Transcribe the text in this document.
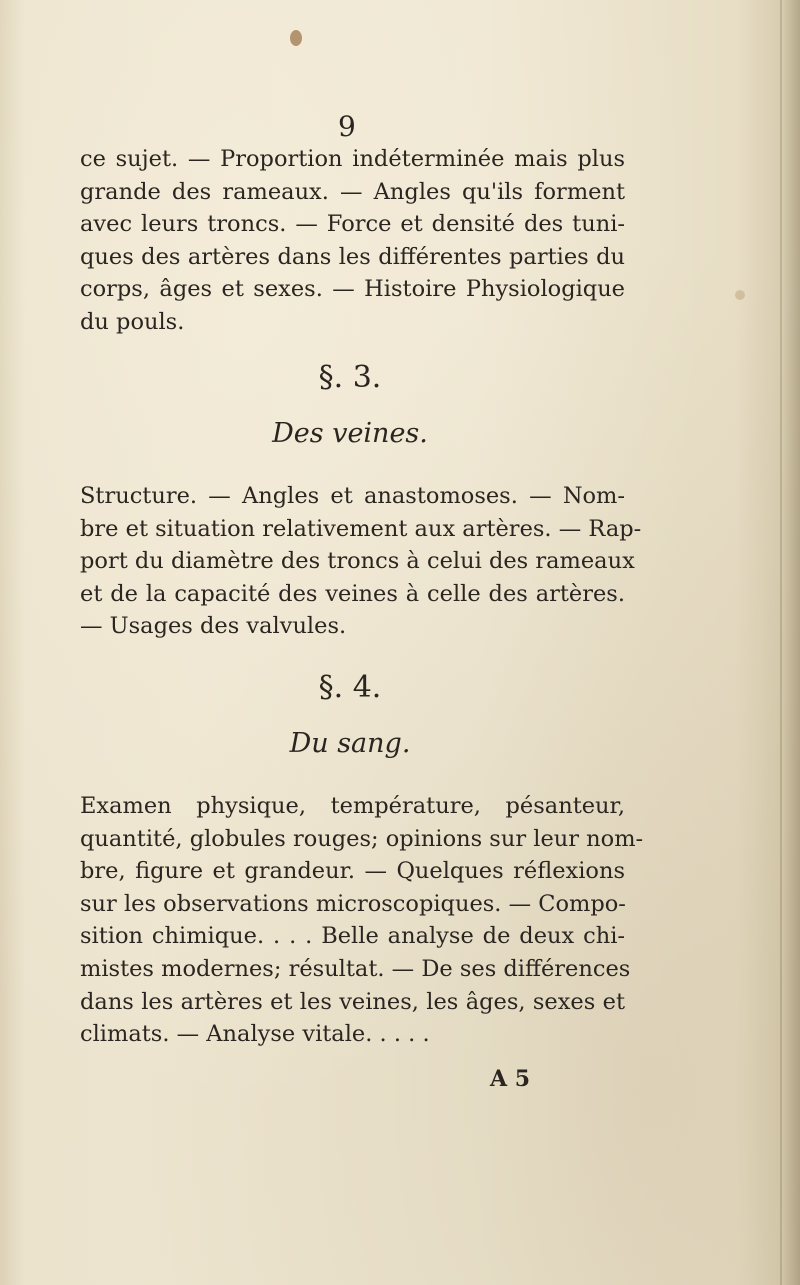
9
ce sujet. — Proportion indéterminée mais plus
grande des rameaux. — Angles qu'ils forment
avec leurs troncs. — Force et densité des tuni-
ques des artères dans les différentes parties du
corps, âges et sexes. — Histoire Physiologique
du pouls.
§. 3.
Des veines.
Structure. — Angles et anastomoses. — Nom-
bre et situation relativement aux artères. — Rap-
port du diamètre des troncs à celui des rameaux
et de la capacité des veines à celle des artères.
— Usages des valvules.
§. 4.
Du sang.
Examen physique, température, pésanteur,
quantité, globules rouges; opinions sur leur nom-
bre, figure et grandeur. — Quelques réflexions
sur les observations microscopiques. — Compo-
sition chimique. . . . Belle analyse de deux chi-
mistes modernes; résultat. — De ses différences
dans les artères et les veines, les âges, sexes et
climats. — Analyse vitale. . . . .
A 5
